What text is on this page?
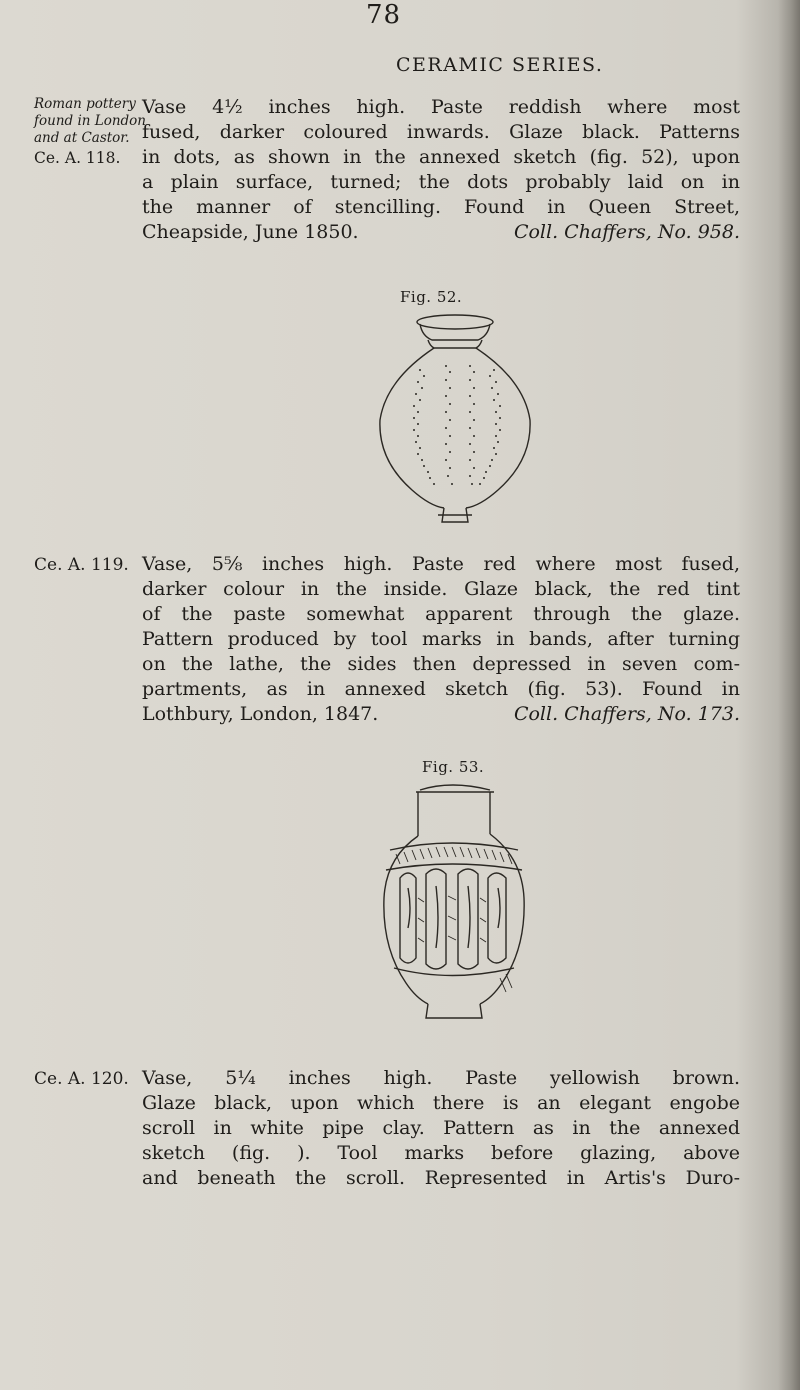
78
CERAMIC SERIES.
Roman pottery
found in London
and at Castor.
Ce. A. 118.
Vase 4½ inches high. Paste reddish where most
fused, darker coloured inwards. Glaze black. Patterns
in dots, as shown in the annexed sketch (fig. 52), upon
a plain surface, turned; the dots probably laid on in
the manner of stencilling. Found in Queen Street,
Cheapside, June 1850.	Coll. Chaffers, No. 958.
Fig. 52.
Ce. A. 119. Vase, 5⅝ inches high. Paste red where most fused,
darker colour in the inside. Glaze black, the red tint
of the paste somewhat apparent through the glaze.
Pattern produced by tool marks in bands, after turning
on the lathe, the sides then depressed in seven com-
partments, as in annexed sketch (fig. 53). Found in
Lothbury, London, 1847.	Coll. Chaffers, No. 173.
Fig. 53.
Ce. A. 120. Vase, 5¼ inches high. Paste yellowish brown.
Glaze black, upon which there is an elegant engobe
scroll in white pipe clay. Pattern as in the annexed
sketch (fig. ). Tool marks before glazing, above
and beneath the scroll. Represented in Artis's Duro-
